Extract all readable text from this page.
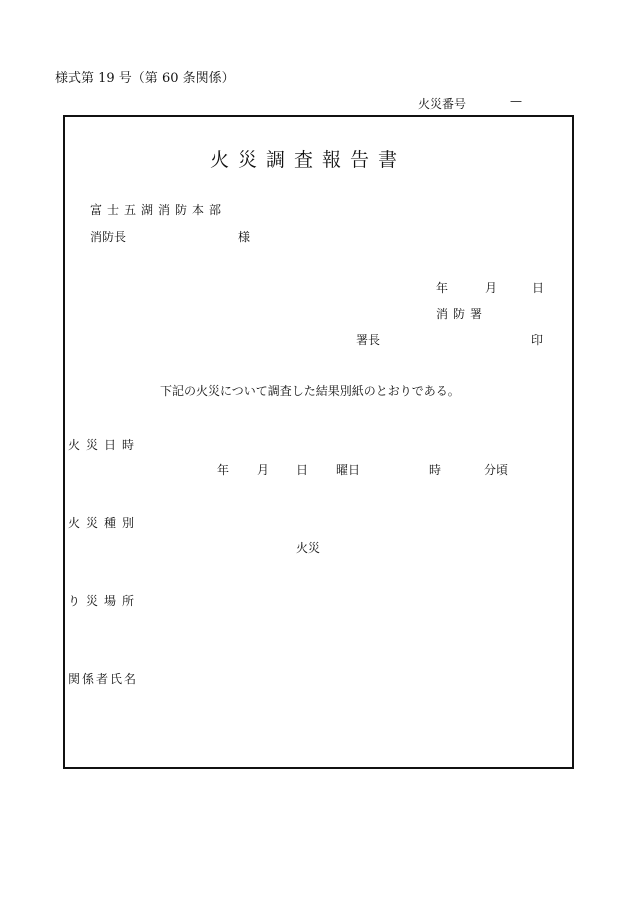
様式第 19 号（第 60 条関係）
火災番号	—
火災調査報告書
富士五湖消防本部
消防長	様
年	月	日
消防署
署長	印
下記の火災について調査した結果別紙のとおりである。
火災日時
年 月 日 曜日	時	分頃
火災種別
火災
り災場所
関係者氏名
